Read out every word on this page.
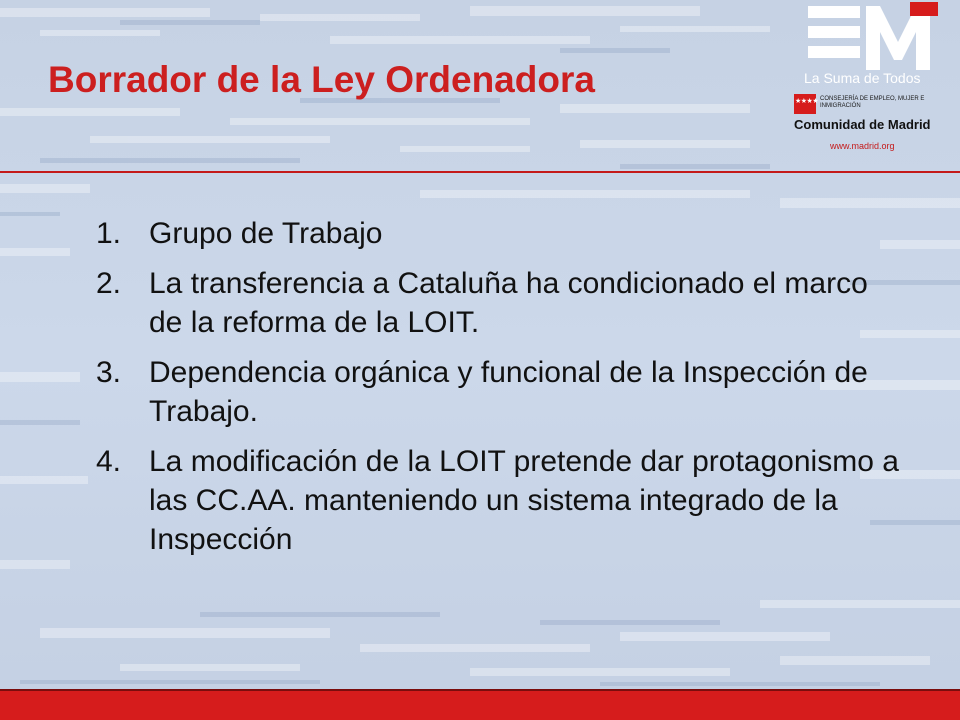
Borrador de la Ley Ordenadora	La Suma de Todos
★★★★ CONSEJERÍA DE EMPLEO, MUJER E INMIGRACIÓN
Comunidad de Madrid
www.madrid.org
1. Grupo de Trabajo
2. La transferencia a Cataluña ha condicionado el marco de la reforma de la LOIT.
3. Dependencia orgánica y funcional de la Inspección de Trabajo.
4. La modificación de la LOIT pretende dar protagonismo a las CC.AA. manteniendo un sistema integrado de la Inspección
